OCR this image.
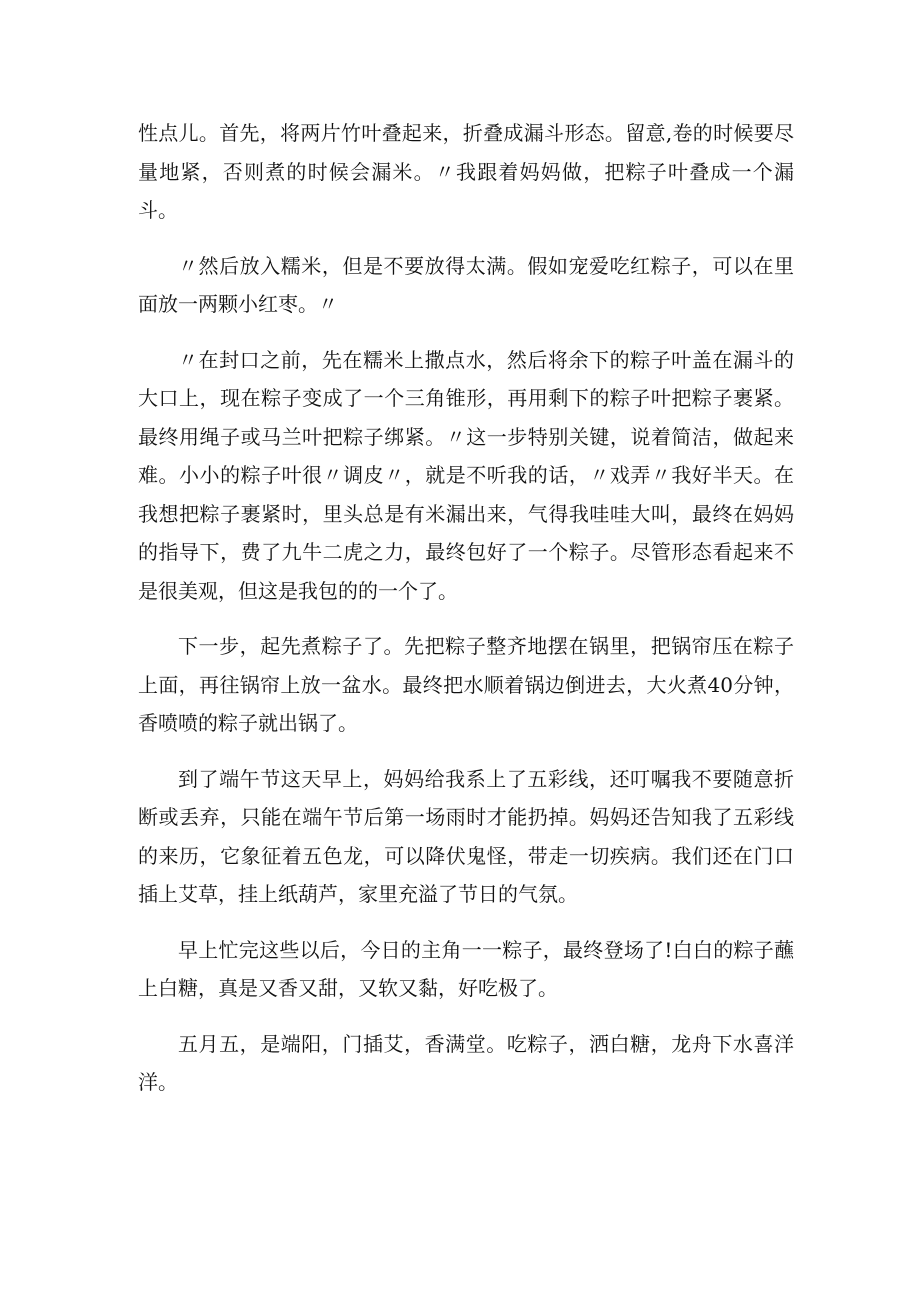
性点儿。首先，将两片竹叶叠起来，折叠成漏斗形态。留意,卷的时候要尽量地紧，否则煮的时候会漏米。〃我跟着妈妈做，把粽子叶叠成一个漏斗。

〃然后放入糯米，但是不要放得太满。假如宠爱吃红粽子，可以在里面放一两颗小红枣。〃

〃在封口之前，先在糯米上撒点水，然后将余下的粽子叶盖在漏斗的大口上，现在粽子变成了一个三角锥形，再用剩下的粽子叶把粽子裹紧。最终用绳子或马兰叶把粽子绑紧。〃这一步特别关键，说着简洁，做起来难。小小的粽子叶很〃调皮〃，就是不听我的话，〃戏弄〃我好半天。在我想把粽子裹紧时，里头总是有米漏出来，气得我哇哇大叫，最终在妈妈的指导下，费了九牛二虎之力，最终包好了一个粽子。尽管形态看起来不是很美观，但这是我包的的一个了。

下一步，起先煮粽子了。先把粽子整齐地摆在锅里，把锅帘压在粽子上面，再往锅帘上放一盆水。最终把水顺着锅边倒进去，大火煮40分钟，香喷喷的粽子就出锅了。

到了端午节这天早上，妈妈给我系上了五彩线，还叮嘱我不要随意折断或丢弃，只能在端午节后第一场雨时才能扔掉。妈妈还告知我了五彩线的来历，它象征着五色龙，可以降伏鬼怪，带走一切疾病。我们还在门口插上艾草，挂上纸葫芦，家里充溢了节日的气氛。

早上忙完这些以后，今日的主角一一粽子，最终登场了!白白的粽子蘸上白糖，真是又香又甜，又软又黏，好吃极了。

五月五，是端阳，门插艾，香满堂。吃粽子，洒白糖，龙舟下水喜洋洋。
